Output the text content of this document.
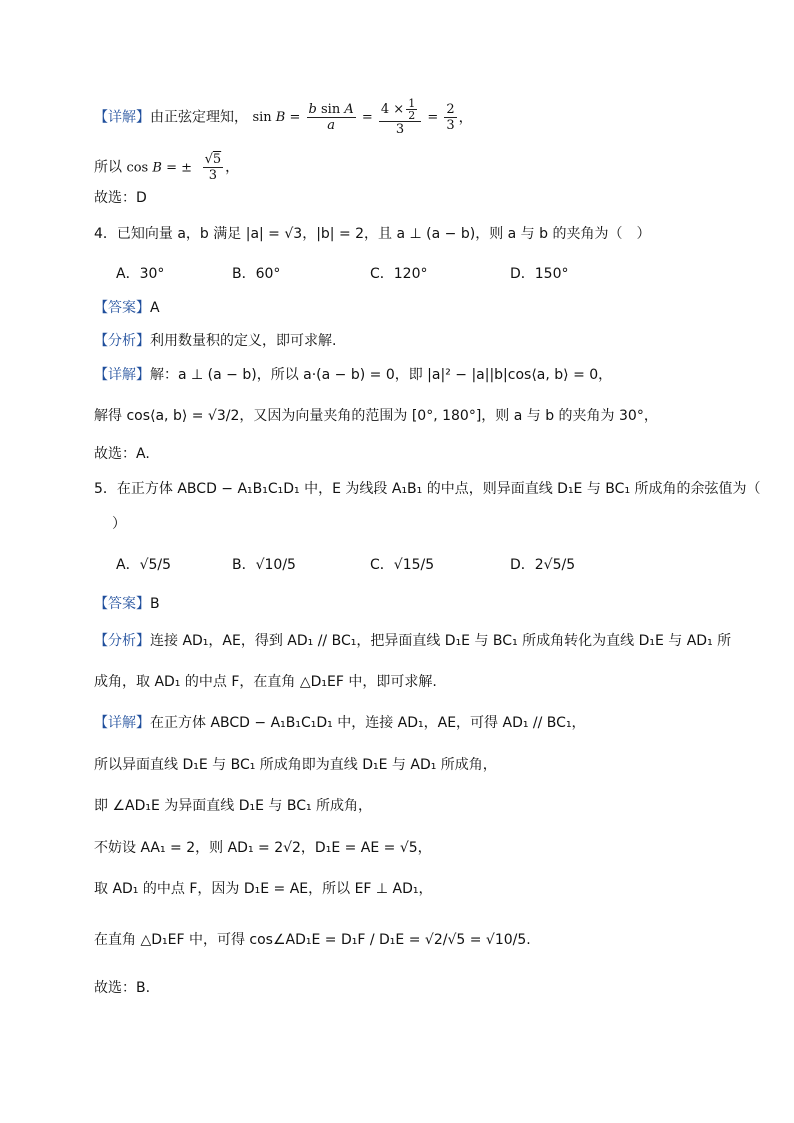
【详解】由正弦定理知， $\sin B = \frac{\text{b sin A}}{a} = \frac{4 \times \frac{1}{2}}{3} = \frac{2}{3}$ ，
所以 cos B = ± $\frac{√5}{3}$ ，
故选：D
4．已知向量 a，b 满足 |a| = √3，|b| = 2，且 a ⊥ (a − b)，则 a 与 b 的夹角为（　）
A．30°	B．60°	C．120°	D．150°
【答案】A
【分析】利用数量积的定义，即可求解.
【详解】解：a ⊥ (a − b)，所以 a·(a − b) = 0，即 |a|² − |a||b|cos⟨a, b⟩ = 0，
解得 cos⟨a, b⟩ = √3/2，又因为向量夹角的范围为 [0°, 180°]，则 a 与 b 的夹角为 30°，
故选：A.
5．在正方体 ABCD − A₁B₁C₁D₁ 中，E 为线段 A₁B₁ 的中点，则异面直线 D₁E 与 BC₁ 所成角的余弦值为（
）
A．√5/5	B．√10/5	C．√15/5	D．2√5/5
【答案】B
【分析】连接 AD₁，AE，得到 AD₁ // BC₁，把异面直线 D₁E 与 BC₁ 所成角转化为直线 D₁E 与 AD₁ 所
成角，取 AD₁ 的中点 F，在直角 △D₁EF 中，即可求解.
【详解】在正方体 ABCD − A₁B₁C₁D₁ 中，连接 AD₁，AE，可得 AD₁ // BC₁，
所以异面直线 D₁E 与 BC₁ 所成角即为直线 D₁E 与 AD₁ 所成角，
即 ∠AD₁E 为异面直线 D₁E 与 BC₁ 所成角，
不妨设 AA₁ = 2，则 AD₁ = 2√2，D₁E = AE = √5，
取 AD₁ 的中点 F，因为 D₁E = AE，所以 EF ⊥ AD₁，
在直角 △D₁EF 中，可得 cos∠AD₁E = D₁F / D₁E = √2/√5 = √10/5.
故选：B.
